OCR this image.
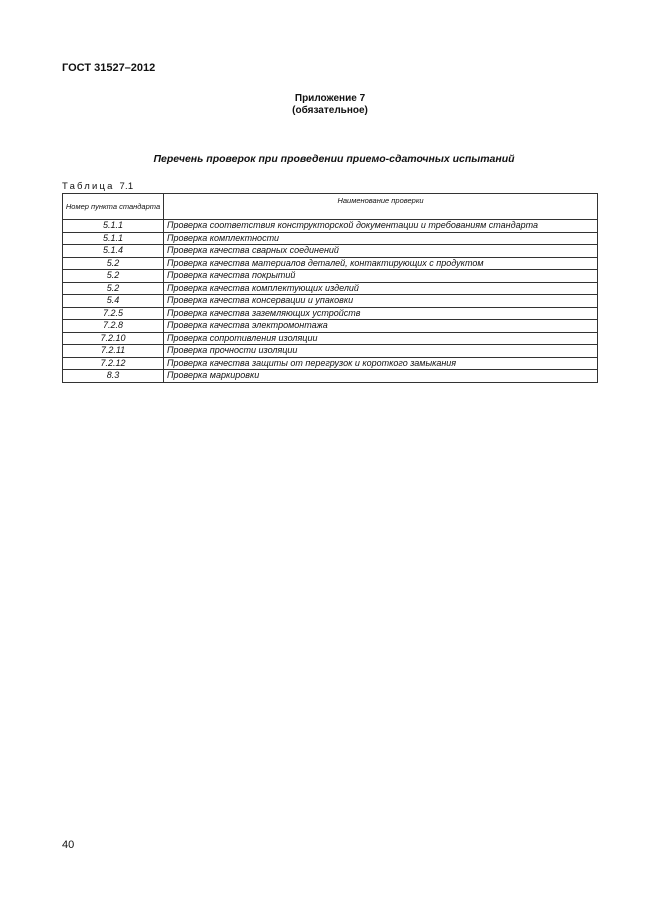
ГОСТ 31527–2012

Приложение 7

(обязательное)

Перечень проверок при проведении приемо-сдаточных испытаний

Таблица 7.1

Номер пункта стандарта	Наименование проверки
5.1.1	Проверка соответствия конструкторской документации и требованиям стандарта
5.1.1	Проверка комплектности
5.1.4	Проверка качества сварных соединений
5.2	Проверка качества материалов деталей, контактирующих с продуктом
5.2	Проверка качества покрытий
5.2	Проверка качества комплектующих изделий
5.4	Проверка качества консервации и упаковки
7.2.5	Проверка качества заземляющих устройств
7.2.8	Проверка качества электромонтажа
7.2.10	Проверка сопротивления изоляции
7.2.11	Проверка прочности изоляции
7.2.12	Проверка качества защиты от перегрузок и короткого замыкания
8.3	Проверка маркировки

40
